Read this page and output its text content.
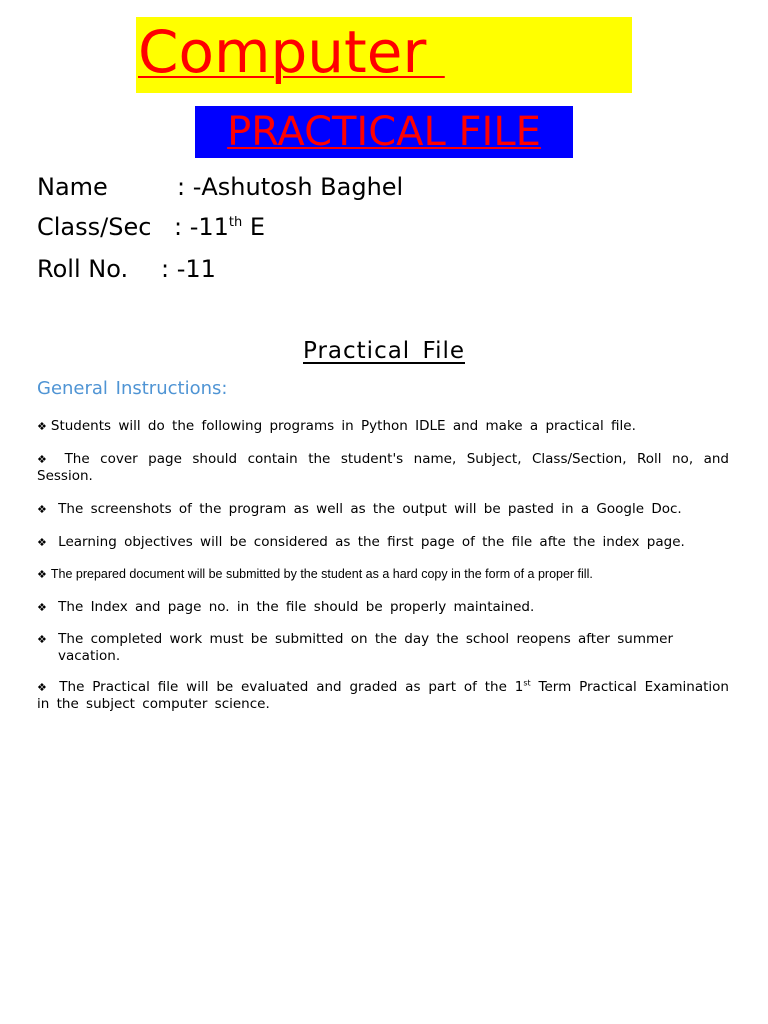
Computer
PRACTICAL FILE
Name	: -Ashutosh Baghel
Class/Sec : -11th E
Roll No. : -11
Practical File
General Instructions:
❖ Students will do the following programs in Python IDLE and make a practical file.
❖ The cover page should contain the student's name, Subject, Class/Section, Roll no, and Session.
❖ The screenshots of the program as well as the output will be pasted in a Google Doc.
❖ Learning objectives will be considered as the first page of the file afte the index page.
❖ The prepared document will be submitted by the student as a hard copy in the form of a proper fill.
❖ The Index and page no. in the file should be properly maintained.
❖ The completed work must be submitted on the day the school reopens after summer vacation.
❖ The Practical file will be evaluated and graded as part of the 1st Term Practical Examination in the subject computer science.
